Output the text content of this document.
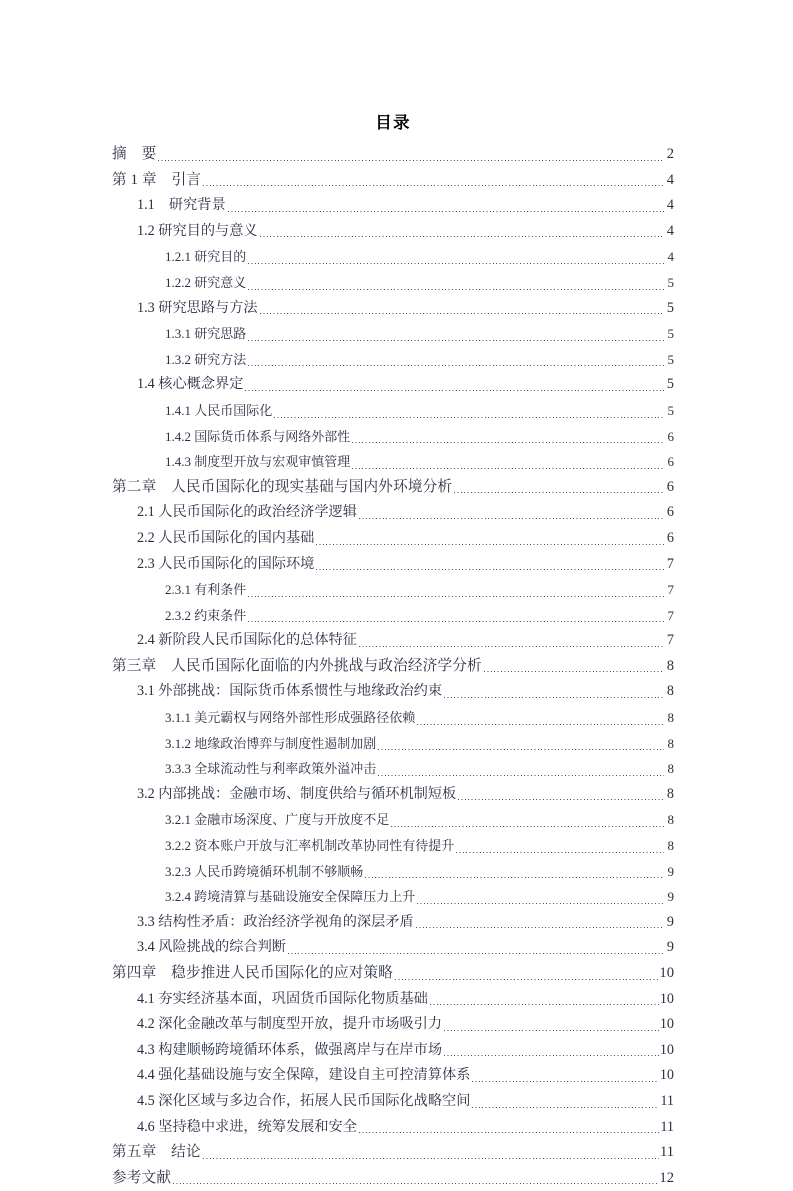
目录
摘　要	2
第 1 章　引言	4
1.1　研究背景	4
1.2 研究目的与意义	4
1.2.1 研究目的	4
1.2.2 研究意义	5
1.3 研究思路与方法	5
1.3.1 研究思路	5
1.3.2 研究方法	5
1.4 核心概念界定	5
1.4.1 人民币国际化	5
1.4.2 国际货币体系与网络外部性	6
1.4.3 制度型开放与宏观审慎管理	6
第二章　人民币国际化的现实基础与国内外环境分析	6
2.1 人民币国际化的政治经济学逻辑	6
2.2 人民币国际化的国内基础	6
2.3 人民币国际化的国际环境	7
2.3.1 有利条件	7
2.3.2 约束条件	7
2.4 新阶段人民币国际化的总体特征	7
第三章　人民币国际化面临的内外挑战与政治经济学分析	8
3.1 外部挑战：国际货币体系惯性与地缘政治约束	8
3.1.1 美元霸权与网络外部性形成强路径依赖	8
3.1.2 地缘政治博弈与制度性遏制加剧	8
3.3.3 全球流动性与利率政策外溢冲击	8
3.2 内部挑战：金融市场、制度供给与循环机制短板	8
3.2.1 金融市场深度、广度与开放度不足	8
3.2.2 资本账户开放与汇率机制改革协同性有待提升	8
3.2.3 人民币跨境循环机制不够顺畅	9
3.2.4 跨境清算与基础设施安全保障压力上升	9
3.3 结构性矛盾：政治经济学视角的深层矛盾	9
3.4 风险挑战的综合判断	9
第四章　稳步推进人民币国际化的应对策略	10
4.1 夯实经济基本面，巩固货币国际化物质基础	10
4.2 深化金融改革与制度型开放，提升市场吸引力	10
4.3 构建顺畅跨境循环体系，做强离岸与在岸市场	10
4.4 强化基础设施与安全保障，建设自主可控清算体系	10
4.5 深化区域与多边合作，拓展人民币国际化战略空间	11
4.6 坚持稳中求进，统筹发展和安全	11
第五章　结论	11
参考文献	12
